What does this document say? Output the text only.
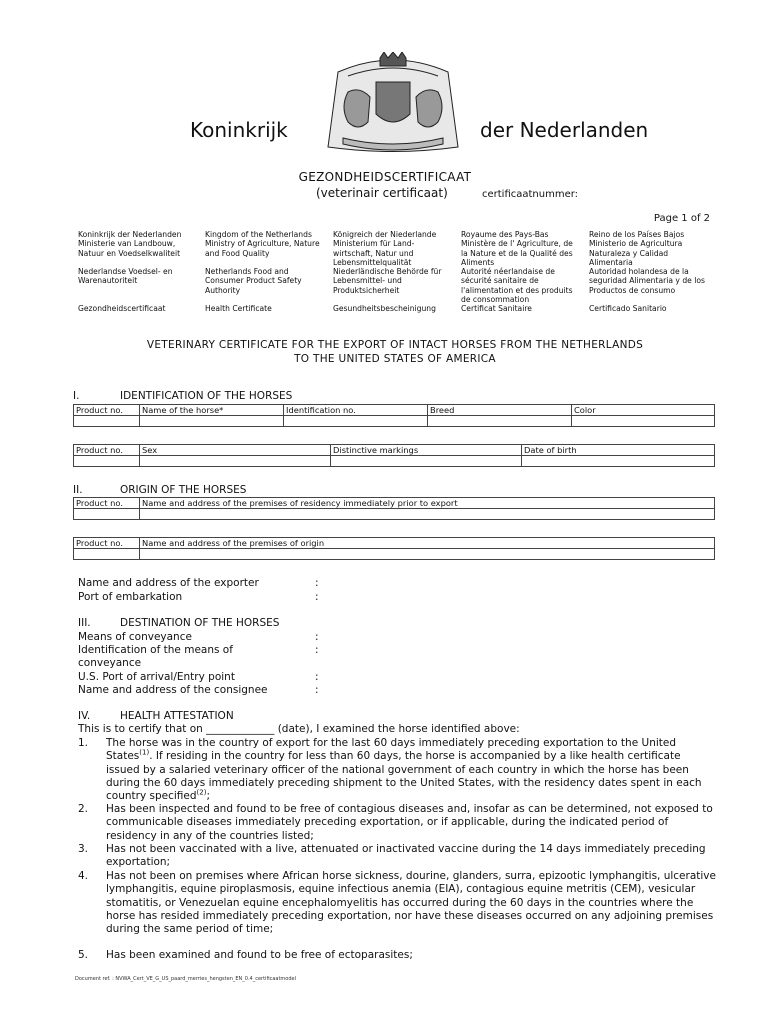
Koninkrijk	der Nederlanden
GEZONDHEIDSCERTIFICAAT
(veterinair certificaat)	certificaatnummer:
Page 1 of 2
Koninkrijk der Nederlanden
Ministerie van Landbouw,
Natuur en Voedselkwaliteit
Nederlandse Voedsel- en
Warenautoriteit
Gezondheidscertificaat
Kingdom of the Netherlands
Ministry of Agriculture, Nature
and Food Quality
Netherlands Food and
Consumer Product Safety
Authority
Health Certificate
Königreich der Niederlande
Ministerium für Land-
wirtschaft, Natur und
Lebensmittelqualität
Niederländische Behörde für
Lebensmittel- und
Produktsicherheit
Gesundheitsbescheinigung
Royaume des Pays-Bas
Ministère de l' Agriculture, de
la Nature et de la Qualité des
Aliments
Autorité néerlandaise de
sécurité sanitaire de
l'alimentation et des produits
de consommation
Certificat Sanitaire
Reino de los Países Bajos
Ministerio de Agricultura
Naturaleza y Calidad
Alimentaria
Autoridad holandesa de la
seguridad Alimentaria y de los
Productos de consumo
Certificado Sanitario
VETERINARY CERTIFICATE FOR THE EXPORT OF INTACT HORSES FROM THE NETHERLANDS
TO THE UNITED STATES OF AMERICA
I.	IDENTIFICATION OF THE HORSES
Product no.	Name of the horse*	Identification no.	Breed	Color

Product no.	Sex	Distinctive markings	Date of birth

II.	ORIGIN OF THE HORSES
Product no.	Name and address of the premises of residency immediately prior to export

Product no.	Name and address of the premises of origin

Name and address of the exporter	:
Port of embarkation	:
III.	DESTINATION OF THE HORSES
Means of conveyance	:
Identification of the means of	:
conveyance
U.S. Port of arrival/Entry point	:
Name and address of the consignee	:
IV.	HEALTH ATTESTATION
This is to certify that on _____________ (date), I examined the horse identified above:
1. The horse was in the country of export for the last 60 days immediately preceding exportation to the United States$^{(1)}$. If residing in the country for less than 60 days, the horse is accompanied by a like health certificate issued by a salaried veterinary officer of the national government of each country in which the horse has been during the 60 days immediately preceding shipment to the United States, with the residency dates spent in each country specified$^{(2)}$;
2. Has been inspected and found to be free of contagious diseases and, insofar as can be determined, not exposed to communicable diseases immediately preceding exportation, or if applicable, during the indicated period of residency in any of the countries listed;
3. Has not been vaccinated with a live, attenuated or inactivated vaccine during the 14 days immediately preceding exportation;
4. Has not been on premises where African horse sickness, dourine, glanders, surra, epizootic lymphangitis, ulcerative lymphangitis, equine piroplasmosis, equine infectious anemia (EIA), contagious equine metritis (CEM), vesicular stomatitis, or Venezuelan equine encephalomyelitis has occurred during the 60 days in the countries where the horse has resided immediately preceding exportation, nor have these diseases occurred on any adjoining premises during the same period of time;
5. Has been examined and found to be free of ectoparasites;
Document ref. : NVWA_Cert_VE_G_US_paard_merries_hengsten_EN_0.4_certificaatmodel
